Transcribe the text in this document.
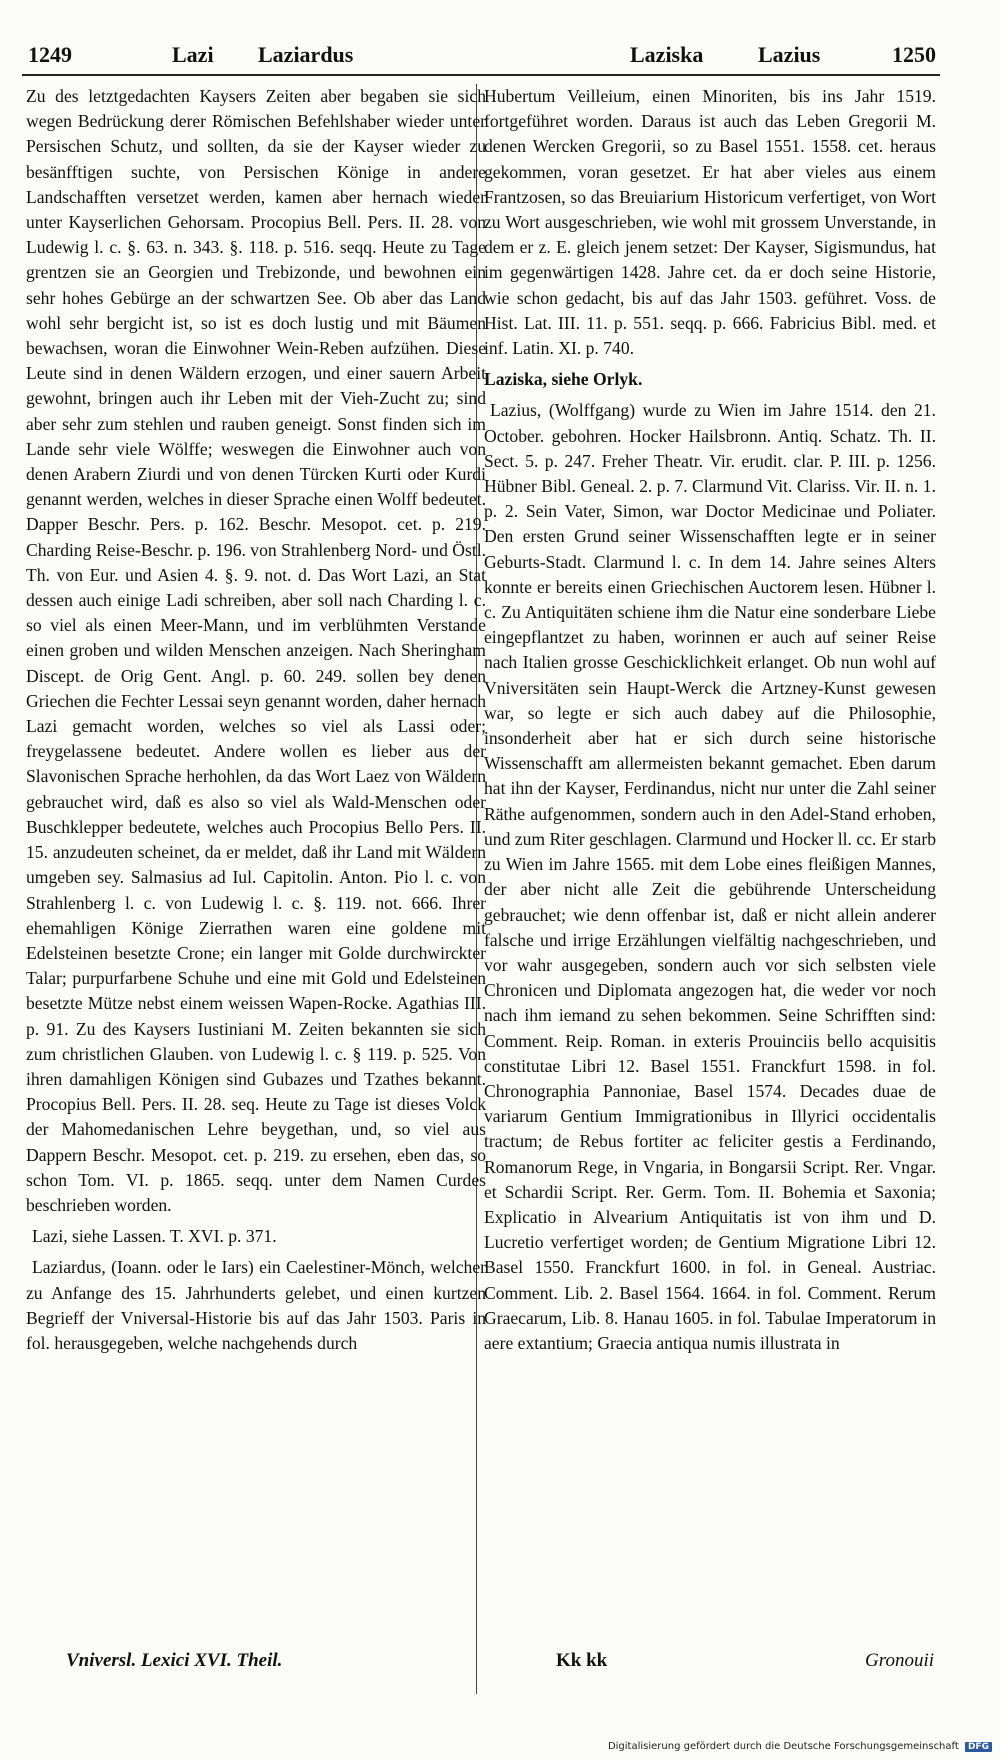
1249	Lazi Laziardus	Laziska Lazius	1250

Zu des letztgedachten Kaysers Zeiten aber begaben sie sich wegen Bedrückung derer Römischen Befehlshaber wieder unter Persischen Schutz, und sollten, da sie der Kayser wieder zu besänfftigen suchte, von Persischen Könige in andere Landschafften versetzet werden, kamen aber hernach wieder unter Kayserlichen Gehorsam. Procopius Bell. Pers. II. 28. von Ludewig l. c. §. 63. n. 343. §. 118. p. 516. seqq. Heute zu Tage grentzen sie an Georgien und Trebizonde, und bewohnen ein sehr hohes Gebürge an der schwartzen See. Ob aber das Land wohl sehr bergicht ist, so ist es doch lustig und mit Bäumen bewachsen, woran die Einwohner Wein-Reben aufzühen. Diese Leute sind in denen Wäldern erzogen, und einer sauern Arbeit gewohnt, bringen auch ihr Leben mit der Vieh-Zucht zu; sind aber sehr zum stehlen und rauben geneigt. Sonst finden sich im Lande sehr viele Wölffe; weswegen die Einwohner auch von denen Arabern Ziurdi und von denen Türcken Kurti oder Kurdi genannt werden, welches in dieser Sprache einen Wolff bedeutet. Dapper Beschr. Pers. p. 162. Beschr. Mesopot. cet. p. 219. Charding Reise-Beschr. p. 196. von Strahlenberg Nord- und Östl. Th. von Eur. und Asien 4. §. 9. not. d. Das Wort Lazi, an Stat dessen auch einige Ladi schreiben, aber soll nach Charding l. c. so viel als einen Meer-Mann, und im verblühmten Verstande einen groben und wilden Menschen anzeigen. Nach Sheringham Discept. de Orig Gent. Angl. p. 60. 249. sollen bey denen Griechen die Fechter Lessai seyn genannt worden, daher hernach Lazi gemacht worden, welches so viel als Lassi oder; freygelassene bedeutet. Andere wollen es lieber aus der Slavonischen Sprache herhohlen, da das Wort Laez von Wäldern gebrauchet wird, daß es also so viel als Wald-Menschen oder Buschklepper bedeutete, welches auch Procopius Bello Pers. II. 15. anzudeuten scheinet, da er meldet, daß ihr Land mit Wäldern umgeben sey. Salmasius ad Iul. Capitolin. Anton. Pio l. c. von Strahlenberg l. c. von Ludewig l. c. §. 119. not. 666. Ihrer ehemahligen Könige Zierrathen waren eine goldene mit Edelsteinen besetzte Crone; ein langer mit Golde durchwirckter Talar; purpurfarbene Schuhe und eine mit Gold und Edelsteinen besetzte Mütze nebst einem weissen Wapen-Rocke. Agathias III. p. 91. Zu des Kaysers Iustiniani M. Zeiten bekannten sie sich zum christlichen Glauben. von Ludewig l. c. § 119. p. 525. Von ihren damahligen Königen sind Gubazes und Tzathes bekannt. Procopius Bell. Pers. II. 28. seq. Heute zu Tage ist dieses Volck der Mahomedanischen Lehre beygethan, und, so viel aus Dappern Beschr. Mesopot. cet. p. 219. zu ersehen, eben das, so schon Tom. VI. p. 1865. seqq. unter dem Namen Curdes beschrieben worden.

Lazi, siehe Lassen. T. XVI. p. 371.

Laziardus, (Ioann. oder le Iars) ein Caelestiner-Mönch, welcher zu Anfange des 15. Jahrhunderts gelebet, und einen kurtzen Begrieff der Vniversal-Historie bis auf das Jahr 1503. Paris in fol. herausgegeben, welche nachgehends durch

Hubertum Veilleium, einen Minoriten, bis ins Jahr 1519. fortgeführet worden. Daraus ist auch das Leben Gregorii M. denen Wercken Gregorii, so zu Basel 1551. 1558. cet. heraus gekommen, voran gesetzet. Er hat aber vieles aus einem Frantzosen, so das Breuiarium Historicum verfertiget, von Wort zu Wort ausgeschrieben, wie wohl mit grossem Unverstande, in dem er z. E. gleich jenem setzet: Der Kayser, Sigismundus, hat im gegenwärtigen 1428. Jahre cet. da er doch seine Historie, wie schon gedacht, bis auf das Jahr 1503. geführet. Voss. de Hist. Lat. III. 11. p. 551. seqq. p. 666. Fabricius Bibl. med. et inf. Latin. XI. p. 740.

Laziska, siehe Orlyk.

Lazius, (Wolffgang) wurde zu Wien im Jahre 1514. den 21. October. gebohren. Hocker Hailsbronn. Antiq. Schatz. Th. II. Sect. 5. p. 247. Freher Theatr. Vir. erudit. clar. P. III. p. 1256. Hübner Bibl. Geneal. 2. p. 7. Clarmund Vit. Clariss. Vir. II. n. 1. p. 2. Sein Vater, Simon, war Doctor Medicinae und Poliater. Den ersten Grund seiner Wissenschafften legte er in seiner Geburts-Stadt. Clarmund l. c. In dem 14. Jahre seines Alters konnte er bereits einen Griechischen Auctorem lesen. Hübner l. c. Zu Antiquitäten schiene ihm die Natur eine sonderbare Liebe eingepflantzet zu haben, worinnen er auch auf seiner Reise nach Italien grosse Geschicklichkeit erlanget. Ob nun wohl auf Vniversitäten sein Haupt-Werck die Artzney-Kunst gewesen war, so legte er sich auch dabey auf die Philosophie, insonderheit aber hat er sich durch seine historische Wissenschafft am allermeisten bekannt gemachet. Eben darum hat ihn der Kayser, Ferdinandus, nicht nur unter die Zahl seiner Räthe aufgenommen, sondern auch in den Adel-Stand erhoben, und zum Riter geschlagen. Clarmund und Hocker ll. cc. Er starb zu Wien im Jahre 1565. mit dem Lobe eines fleißigen Mannes, der aber nicht alle Zeit die gebührende Unterscheidung gebrauchet; wie denn offenbar ist, daß er nicht allein anderer falsche und irrige Erzählungen vielfältig nachgeschrieben, und vor wahr ausgegeben, sondern auch vor sich selbsten viele Chronicen und Diplomata angezogen hat, die weder vor noch nach ihm iemand zu sehen bekommen. Seine Schrifften sind: Comment. Reip. Roman. in exteris Prouinciis bello acquisitis constitutae Libri 12. Basel 1551. Franckfurt 1598. in fol. Chronographia Pannoniae, Basel 1574. Decades duae de variarum Gentium Immigrationibus in Illyrici occidentalis tractum; de Rebus fortiter ac feliciter gestis a Ferdinando, Romanorum Rege, in Vngaria, in Bongarsii Script. Rer. Vngar. et Schardii Script. Rer. Germ. Tom. II. Bohemia et Saxonia; Explicatio in Alvearium Antiquitatis ist von ihm und D. Lucretio verfertiget worden; de Gentium Migratione Libri 12. Basel 1550. Franckfurt 1600. in fol. in Geneal. Austriac. Comment. Lib. 2. Basel 1564. 1664. in fol. Comment. Rerum Graecarum, Lib. 8. Hanau 1605. in fol. Tabulae Imperatorum in aere extantium; Graecia antiqua numis illustrata in

Vniversl. Lexici XVI. Theil.	Kk kk	Gronouii
Digitalisierung gefördert durch die Deutsche Forschungsgemeinschaft DFG
